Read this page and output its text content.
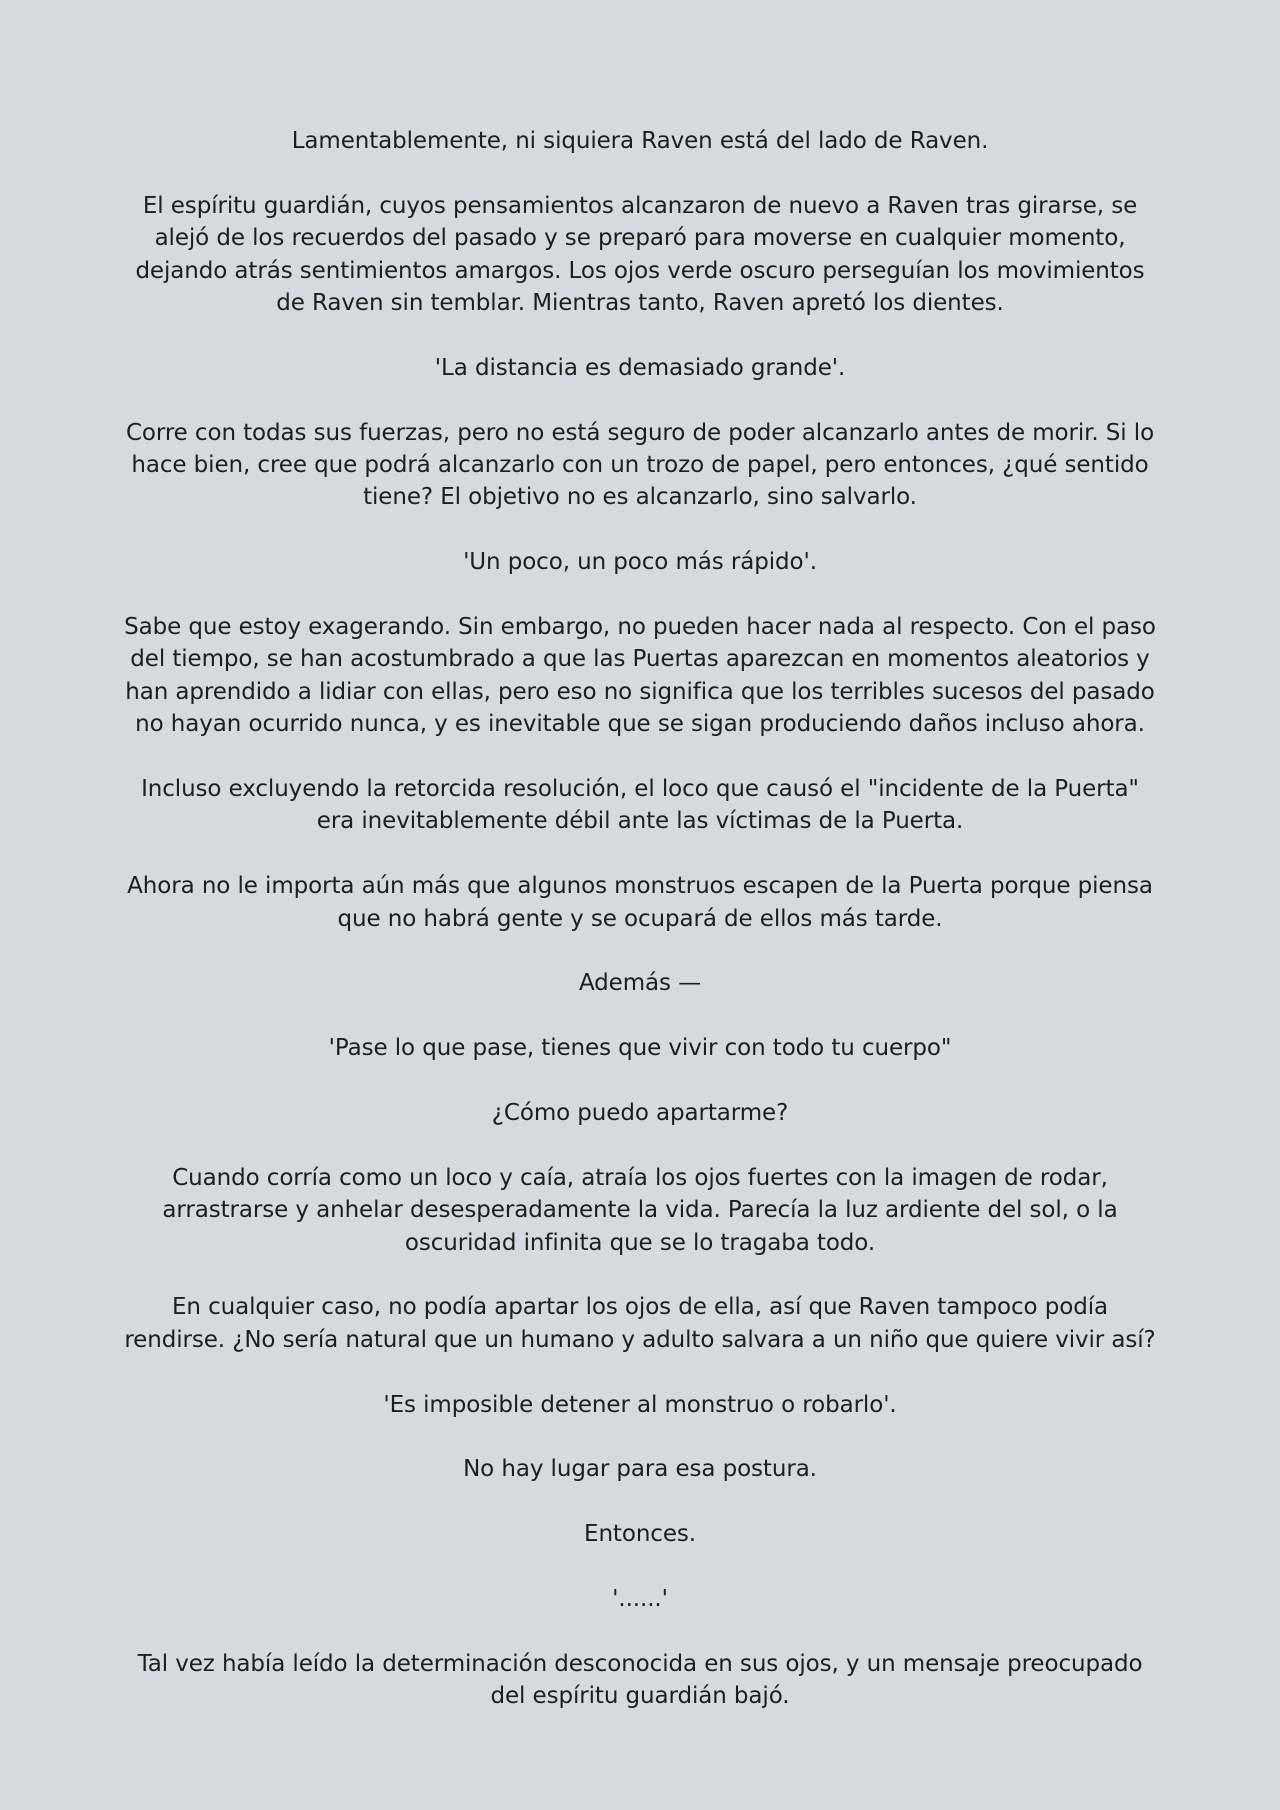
Lamentablemente, ni siquiera Raven está del lado de Raven.

El espíritu guardián, cuyos pensamientos alcanzaron de nuevo a Raven tras girarse, se alejó de los recuerdos del pasado y se preparó para moverse en cualquier momento, dejando atrás sentimientos amargos. Los ojos verde oscuro perseguían los movimientos de Raven sin temblar. Mientras tanto, Raven apretó los dientes.

'La distancia es demasiado grande'.

Corre con todas sus fuerzas, pero no está seguro de poder alcanzarlo antes de morir. Si lo hace bien, cree que podrá alcanzarlo con un trozo de papel, pero entonces, ¿qué sentido tiene? El objetivo no es alcanzarlo, sino salvarlo.

'Un poco, un poco más rápido'.

Sabe que estoy exagerando. Sin embargo, no pueden hacer nada al respecto. Con el paso del tiempo, se han acostumbrado a que las Puertas aparezcan en momentos aleatorios y han aprendido a lidiar con ellas, pero eso no significa que los terribles sucesos del pasado no hayan ocurrido nunca, y es inevitable que se sigan produciendo daños incluso ahora.

Incluso excluyendo la retorcida resolución, el loco que causó el "incidente de la Puerta" era inevitablemente débil ante las víctimas de la Puerta.

Ahora no le importa aún más que algunos monstruos escapen de la Puerta porque piensa que no habrá gente y se ocupará de ellos más tarde.

Además —

'Pase lo que pase, tienes que vivir con todo tu cuerpo"

¿Cómo puedo apartarme?

Cuando corría como un loco y caía, atraía los ojos fuertes con la imagen de rodar, arrastrarse y anhelar desesperadamente la vida. Parecía la luz ardiente del sol, o la oscuridad infinita que se lo tragaba todo.

En cualquier caso, no podía apartar los ojos de ella, así que Raven tampoco podía rendirse. ¿No sería natural que un humano y adulto salvara a un niño que quiere vivir así?

'Es imposible detener al monstruo o robarlo'.

No hay lugar para esa postura.

Entonces.

'......'

Tal vez había leído la determinación desconocida en sus ojos, y un mensaje preocupado del espíritu guardián bajó.
